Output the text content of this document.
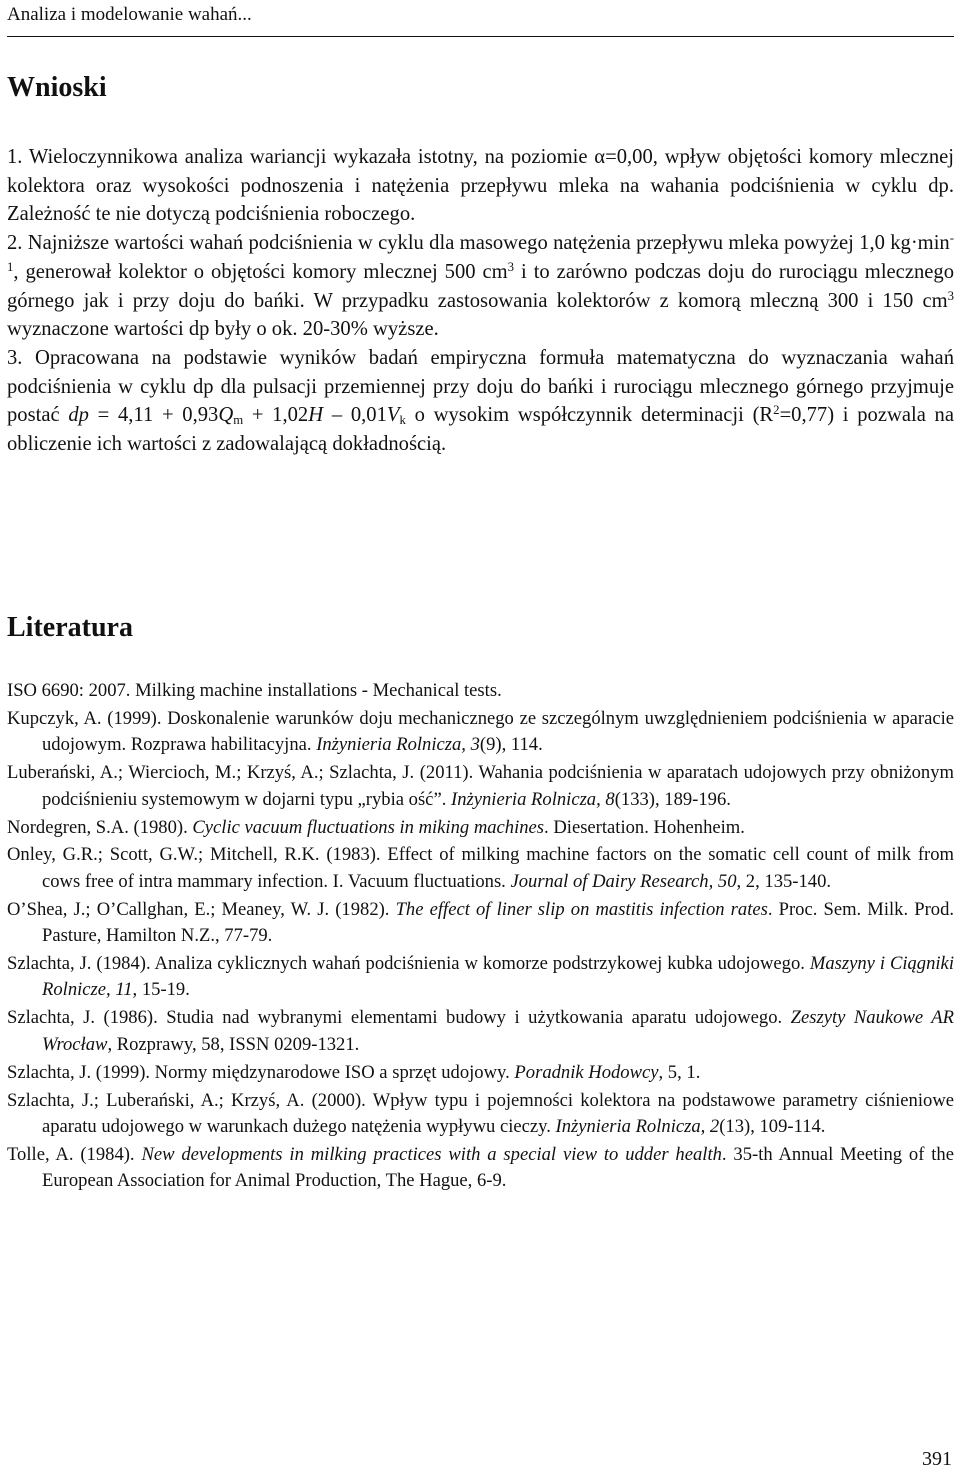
Analiza i modelowanie wahań...
Wnioski

1. Wieloczynnikowa analiza wariancji wykazała istotny, na poziomie α=0,00, wpływ objętości komory mlecznej kolektora oraz wysokości podnoszenia i natężenia przepływu mleka na wahania podciśnienia w cyklu dp. Zależność te nie dotyczą podciśnienia roboczego.

2. Najniższe wartości wahań podciśnienia w cyklu dla masowego natężenia przepływu mleka powyżej 1,0 $kg\cdot\min^{-1}$, generował kolektor o objętości komory mlecznej 500 $cm^3$ i to zarówno podczas doju do rurociągu mlecznego górnego jak i przy doju do bańki. W przypadku zastosowania kolektorów z komorą mleczną 300 i 150 $cm^3$ wyznaczone wartości dp były o ok. 20-30% wyższe.

3. Opracowana na podstawie wyników badań empiryczna formuła matematyczna do wyznaczania wahań podciśnienia w cyklu dp dla pulsacji przemiennej przy doju do bańki i rurociągu mlecznego górnego przyjmuje postać dp = $4,11 + 0,93Q_m + 1,02H - 0,01V_k$ o wysokim współczynnik determinacji $(R^2=0,77)$ i pozwala na obliczenie ich wartości z zadowalającą dokładnością.

Literatura

ISO 6690: 2007. Milking machine installations - Mechanical tests.

Kupczyk, A. (1999). Doskonalenie warunków doju mechanicznego ze szczególnym uwzględnieniem podciśnienia w aparacie udojowym. Rozprawa habilitacyjna. Inżynieria Rolnicza, 3(9), 114.

Luberański, A.; Wiercioch, M.; Krzyś, A.; Szlachta, J. (2011). Wahania podciśnienia w aparatach udojowych przy obniżonym podciśnieniu systemowym w dojarni typu „rybia ość”. Inżynieria Rolnicza, 8(133), 189-196.

Nordegren, S.A. (1980). Cyclic vacuum fluctuations in miking machines. Diesertation. Hohenheim.

Onley, G.R.; Scott, G.W.; Mitchell, R.K. (1983). Effect of milking machine factors on the somatic cell count of milk from cows free of intra mammary infection. I. Vacuum fluctuations. Journal of Dairy Research, 50, 2, 135-140.

O’Shea, J.; O’Callghan, E.; Meaney, W. J. (1982). The effect of liner slip on mastitis infection rates. Proc. Sem. Milk. Prod. Pasture, Hamilton N.Z., 77-79.

Szlachta, J. (1984). Analiza cyklicznych wahań podciśnienia w komorze podstrzykowej kubka udojowego. Maszyny i Ciągniki Rolnicze, 11, 15-19.

Szlachta, J. (1986). Studia nad wybranymi elementami budowy i użytkowania aparatu udojowego. Zeszyty Naukowe AR Wrocław, Rozprawy, 58, ISSN 0209-1321.

Szlachta, J. (1999). Normy międzynarodowe ISO a sprzęt udojowy. Poradnik Hodowcy, 5, 1.

Szlachta, J.; Luberański, A.; Krzyś, A. (2000). Wpływ typu i pojemności kolektora na podstawowe parametry ciśnieniowe aparatu udojowego w warunkach dużego natężenia wypływu cieczy. Inżynieria Rolnicza, 2(13), 109-114.

Tolle, A. (1984). New developments in milking practices with a special view to udder health. 35-th Annual Meeting of the European Association for Animal Production, The Hague, 6-9.

391
